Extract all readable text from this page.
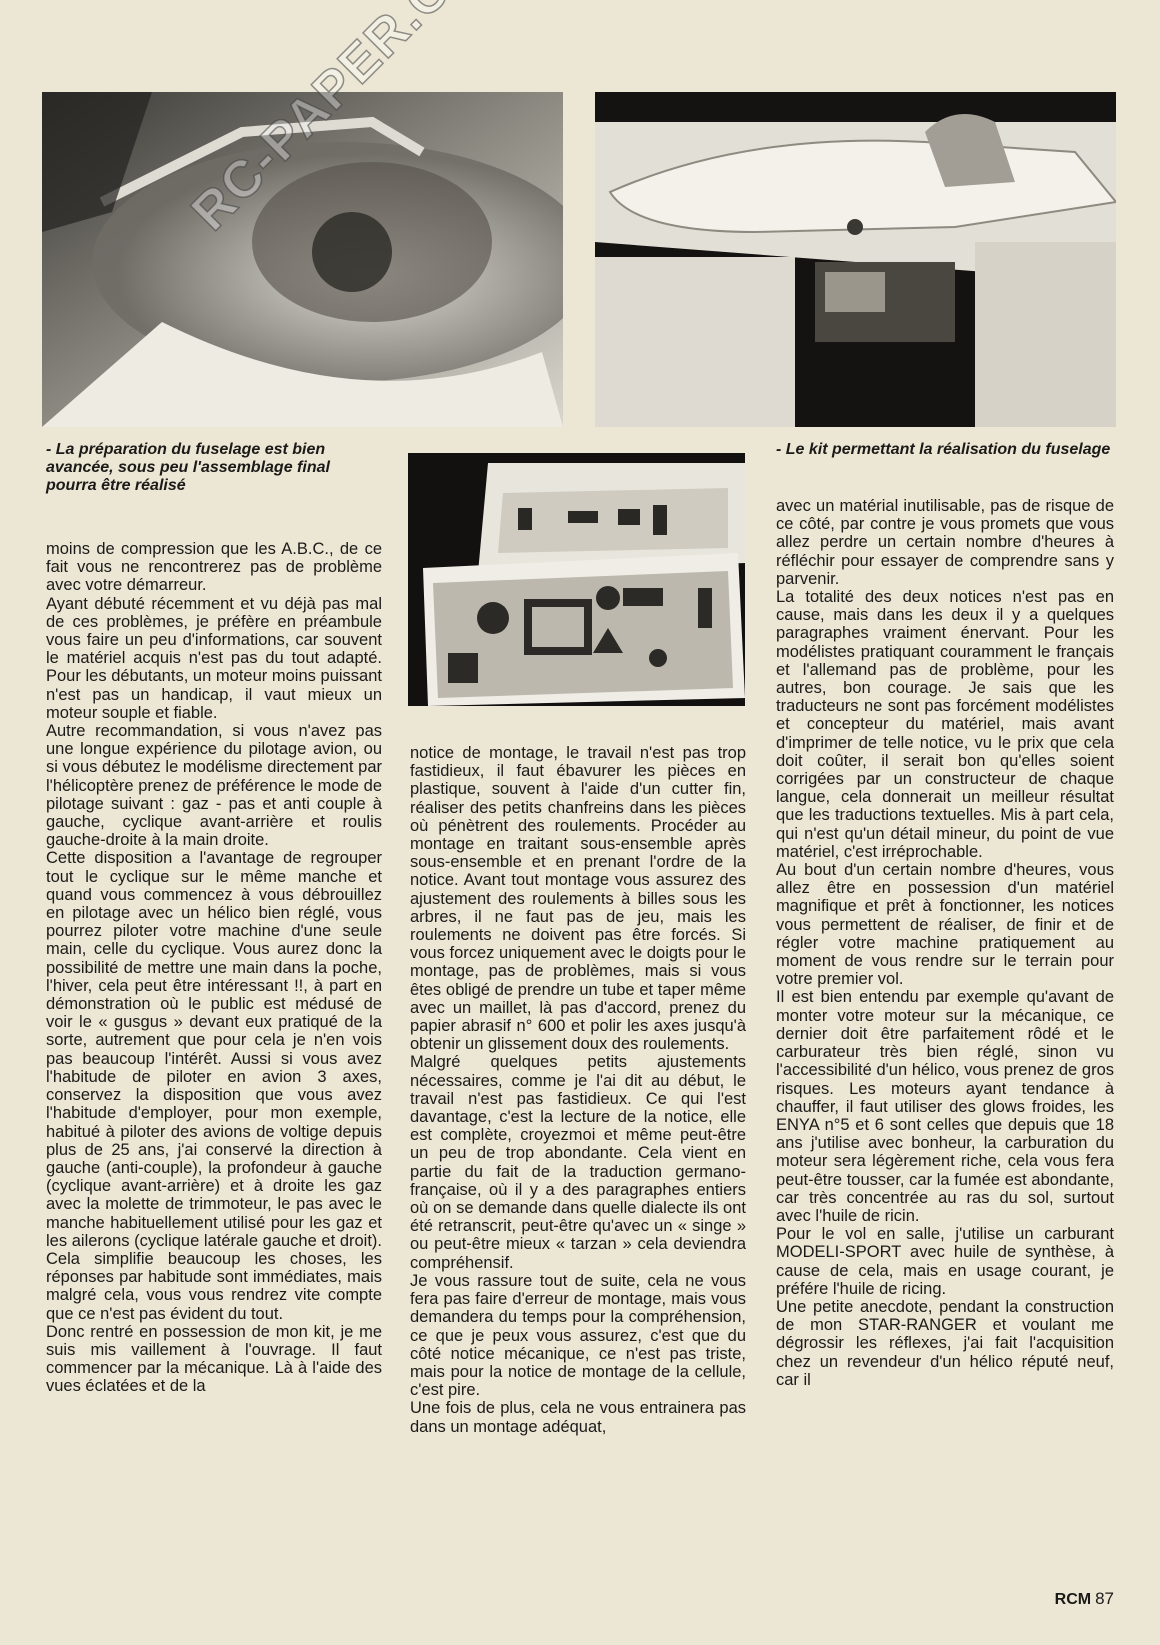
- La préparation du fuselage est bien avancée, sous peu l'assemblage final pourra être réalisé

- Le kit permettant la réalisation du fuselage

moins de compression que les A.B.C., de ce fait vous ne rencontrerez pas de problème avec votre démarreur.

Ayant débuté récemment et vu déjà pas mal de ces problèmes, je préfère en préambule vous faire un peu d'informations, car souvent le matériel acquis n'est pas du tout adapté. Pour les débutants, un moteur moins puissant n'est pas un handicap, il vaut mieux un moteur souple et fiable.

Autre recommandation, si vous n'avez pas une longue expérience du pilotage avion, ou si vous débutez le modélisme directement par l'hélicoptère prenez de préférence le mode de pilotage suivant : gaz - pas et anti couple à gauche, cyclique avant-arrière et roulis gauche-droite à la main droite.

Cette disposition a l'avantage de regrouper tout le cyclique sur le même manche et quand vous commencez à vous débrouillez en pilotage avec un hélico bien réglé, vous pourrez piloter votre machine d'une seule main, celle du cyclique. Vous aurez donc la possibilité de mettre une main dans la poche, l'hiver, cela peut être intéressant !!, à part en démonstration où le public est médusé de voir le « gusgus » devant eux pratiqué de la sorte, autrement que pour cela je n'en vois pas beaucoup l'intérêt. Aussi si vous avez l'habitude de piloter en avion 3 axes, conservez la disposition que vous avez l'habitude d'employer, pour mon exemple, habitué à piloter des avions de voltige depuis plus de 25 ans, j'ai conservé la direction à gauche (anti-couple), la profondeur à gauche (cyclique avant-arrière) et à droite les gaz avec la molette de trimmoteur, le pas avec le manche habituellement utilisé pour les gaz et les ailerons (cyclique latérale gauche et droit). Cela simplifie beaucoup les choses, les réponses par habitude sont immédiates, mais malgré cela, vous vous rendrez vite compte que ce n'est pas évident du tout.

Donc rentré en possession de mon kit, je me suis mis vaillement à l'ouvrage. Il faut commencer par la mécanique. Là à l'aide des vues éclatées et de la

notice de montage, le travail n'est pas trop fastidieux, il faut ébavurer les pièces en plastique, souvent à l'aide d'un cutter fin, réaliser des petits chanfreins dans les pièces où pénètrent des roulements. Procéder au montage en traitant sous-ensemble après sous-ensemble et en prenant l'ordre de la notice. Avant tout montage vous assurez des ajustement des roulements à billes sous les arbres, il ne faut pas de jeu, mais les roulements ne doivent pas être forcés. Si vous forcez uniquement avec le doigts pour le montage, pas de problèmes, mais si vous êtes obligé de prendre un tube et taper même avec un maillet, là pas d'accord, prenez du papier abrasif n° 600 et polir les axes jusqu'à obtenir un glissement doux des roulements.

Malgré quelques petits ajustements nécessaires, comme je l'ai dit au début, le travail n'est pas fastidieux. Ce qui l'est davantage, c'est la lecture de la notice, elle est complète, croyezmoi et même peut-être un peu de trop abondante. Cela vient en partie du fait de la traduction germano-française, où il y a des paragraphes entiers où on se demande dans quelle dialecte ils ont été retranscrit, peut-être qu'avec un « singe » ou peut-être mieux « tarzan » cela deviendra compréhensif.

Je vous rassure tout de suite, cela ne vous fera pas faire d'erreur de montage, mais vous demandera du temps pour la compréhension, ce que je peux vous assurez, c'est que du côté notice mécanique, ce n'est pas triste, mais pour la notice de montage de la cellule, c'est pire.

Une fois de plus, cela ne vous entrainera pas dans un montage adéquat,

avec un matérial inutilisable, pas de risque de ce côté, par contre je vous promets que vous allez perdre un certain nombre d'heures à réfléchir pour essayer de comprendre sans y parvenir.

La totalité des deux notices n'est pas en cause, mais dans les deux il y a quelques paragraphes vraiment énervant. Pour les modélistes pratiquant couramment le français et l'allemand pas de problème, pour les autres, bon courage. Je sais que les traducteurs ne sont pas forcément modélistes et concepteur du matériel, mais avant d'imprimer de telle notice, vu le prix que cela doit coûter, il serait bon qu'elles soient corrigées par un constructeur de chaque langue, cela donnerait un meilleur résultat que les traductions textuelles. Mis à part cela, qui n'est qu'un détail mineur, du point de vue matériel, c'est irréprochable.

Au bout d'un certain nombre d'heures, vous allez être en possession d'un matériel magnifique et prêt à fonctionner, les notices vous permettent de réaliser, de finir et de régler votre machine pratiquement au moment de vous rendre sur le terrain pour votre premier vol.

Il est bien entendu par exemple qu'avant de monter votre moteur sur la mécanique, ce dernier doit être parfaitement rôdé et le carburateur très bien réglé, sinon vu l'accessibilité d'un hélico, vous prenez de gros risques. Les moteurs ayant tendance à chauffer, il faut utiliser des glows froides, les ENYA n°5 et 6 sont celles que depuis que 18 ans j'utilise avec bonheur, la carburation du moteur sera légèrement riche, cela vous fera peut-être tousser, car la fumée est abondante, car très concentrée au ras du sol, surtout avec l'huile de ricin.

Pour le vol en salle, j'utilise un carburant MODELI-SPORT avec huile de synthèse, à cause de cela, mais en usage courant, je préfére l'huile de ricing.

Une petite anecdote, pendant la construction de mon STAR-RANGER et voulant me dégrossir les réflexes, j'ai fait l'acquisition chez un revendeur d'un hélico réputé neuf, car il

RCM 87
